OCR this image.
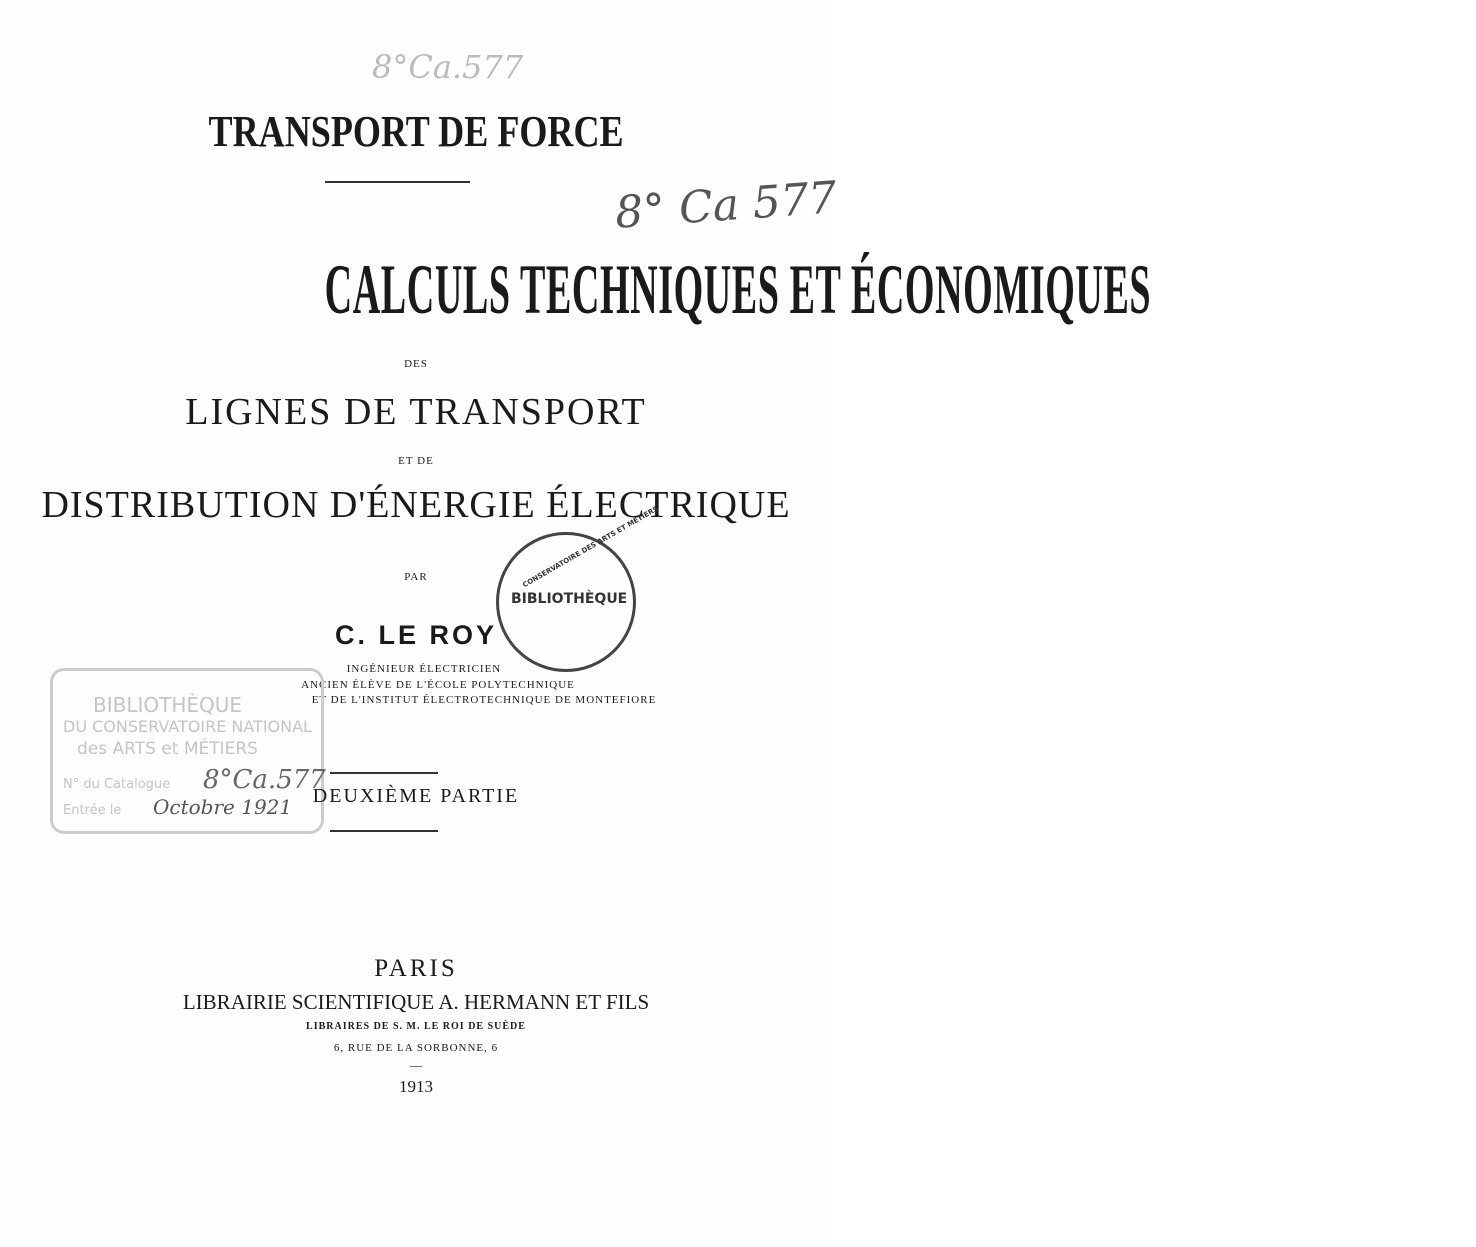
8°Ca.577
8° Ca 577
TRANSPORT DE FORCE
CALCULS TECHNIQUES ET ÉCONOMIQUES
DES
LIGNES DE TRANSPORT
ET DE
DISTRIBUTION D'ÉNERGIE ÉLECTRIQUE
PAR
BIBLIOTHÈQUE
CONSERVATOIRE DES ARTS ET MÉTIERS
C. LE ROY
INGÉNIEUR ÉLECTRICIEN
ANCIEN ÉLÈVE DE L'ÉCOLE POLYTECHNIQUE
ET DE L'INSTITUT ÉLECTROTECHNIQUE DE MONTEFIORE
BIBLIOTHÈQUE
DU CONSERVATOIRE NATIONAL
des ARTS et MÉTIERS
N° du Catalogue 8°Ca.577
Entrée le Octobre 1921	DEUXIÈME PARTIE
PARIS
LIBRAIRIE SCIENTIFIQUE A. HERMANN ET FILS
LIBRAIRES DE S. M. LE ROI DE SUÈDE
6, RUE DE LA SORBONNE, 6
—
1913
